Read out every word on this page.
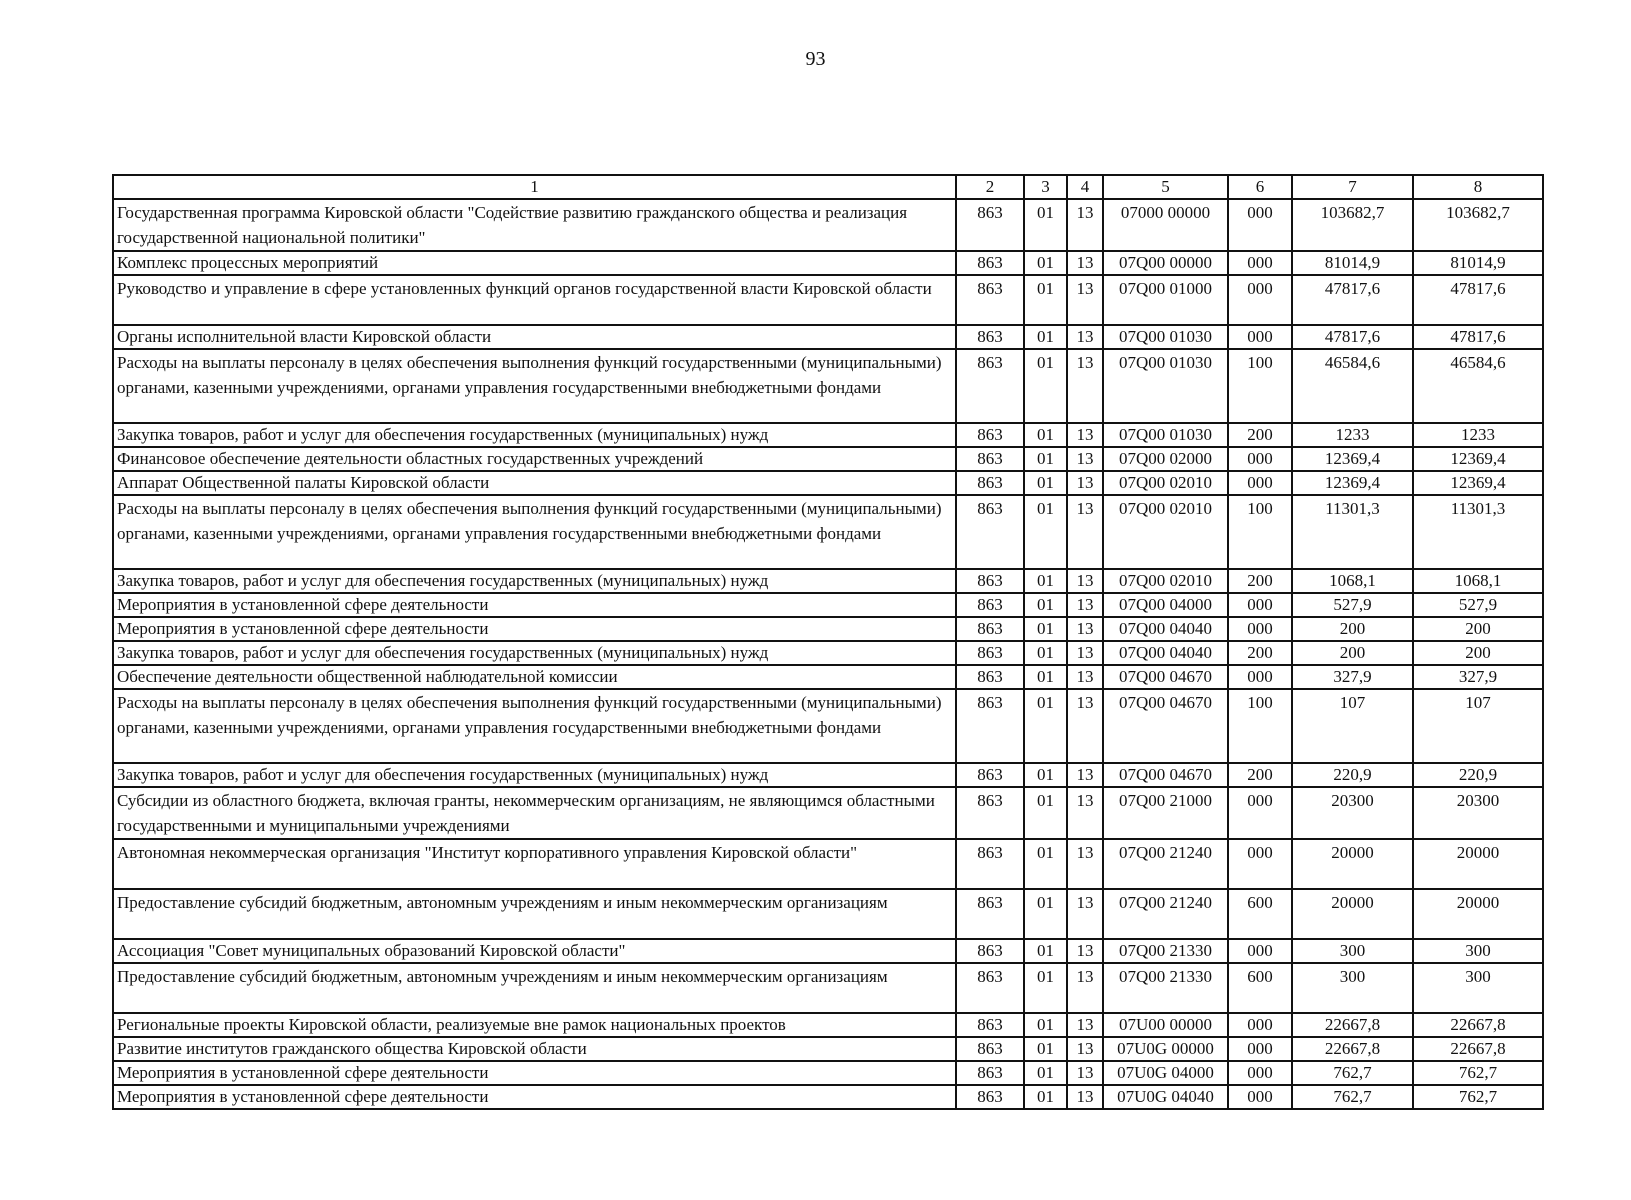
93
1	2	3	4	5	6	7	8
Государственная программа Кировской области "Содействие развитию гражданского общества и реализация государственной национальной политики"	863	01	13	07000 00000	000	103682,7	103682,7
Комплекс процессных мероприятий	863	01	13	07Q00 00000	000	81014,9	81014,9
Руководство и управление в сфере установленных функций органов государственной власти Кировской области	863	01	13	07Q00 01000	000	47817,6	47817,6
Органы исполнительной власти Кировской области	863	01	13	07Q00 01030	000	47817,6	47817,6
Расходы на выплаты персоналу в целях обеспечения выполнения функций государственными (муниципальными) органами, казенными учреждениями, органами управления государственными внебюджетными фондами	863	01	13	07Q00 01030	100	46584,6	46584,6
Закупка товаров, работ и услуг для обеспечения государственных (муниципальных) нужд	863	01	13	07Q00 01030	200	1233	1233
Финансовое обеспечение деятельности областных государственных учреждений	863	01	13	07Q00 02000	000	12369,4	12369,4
Аппарат Общественной палаты Кировской области	863	01	13	07Q00 02010	000	12369,4	12369,4
Расходы на выплаты персоналу в целях обеспечения выполнения функций государственными (муниципальными) органами, казенными учреждениями, органами управления государственными внебюджетными фондами	863	01	13	07Q00 02010	100	11301,3	11301,3
Закупка товаров, работ и услуг для обеспечения государственных (муниципальных) нужд	863	01	13	07Q00 02010	200	1068,1	1068,1
Мероприятия в установленной сфере деятельности	863	01	13	07Q00 04000	000	527,9	527,9
Мероприятия в установленной сфере деятельности	863	01	13	07Q00 04040	000	200	200
Закупка товаров, работ и услуг для обеспечения государственных (муниципальных) нужд	863	01	13	07Q00 04040	200	200	200
Обеспечение деятельности общественной наблюдательной комиссии	863	01	13	07Q00 04670	000	327,9	327,9
Расходы на выплаты персоналу в целях обеспечения выполнения функций государственными (муниципальными) органами, казенными учреждениями, органами управления государственными внебюджетными фондами	863	01	13	07Q00 04670	100	107	107
Закупка товаров, работ и услуг для обеспечения государственных (муниципальных) нужд	863	01	13	07Q00 04670	200	220,9	220,9
Субсидии из областного бюджета, включая гранты, некоммерческим организациям, не являющимся областными государственными и муниципальными учреждениями	863	01	13	07Q00 21000	000	20300	20300
Автономная некоммерческая организация "Институт корпоративного управления Кировской области"	863	01	13	07Q00 21240	000	20000	20000
Предоставление субсидий бюджетным, автономным учреждениям и иным некоммерческим организациям	863	01	13	07Q00 21240	600	20000	20000
Ассоциация "Совет муниципальных образований Кировской области"	863	01	13	07Q00 21330	000	300	300
Предоставление субсидий бюджетным, автономным учреждениям и иным некоммерческим организациям	863	01	13	07Q00 21330	600	300	300
Региональные проекты Кировской области, реализуемые вне рамок национальных проектов	863	01	13	07U00 00000	000	22667,8	22667,8
Развитие институтов гражданского общества Кировской области	863	01	13	07U0G 00000	000	22667,8	22667,8
Мероприятия в установленной сфере деятельности	863	01	13	07U0G 04000	000	762,7	762,7
Мероприятия в установленной сфере деятельности	863	01	13	07U0G 04040	000	762,7	762,7
